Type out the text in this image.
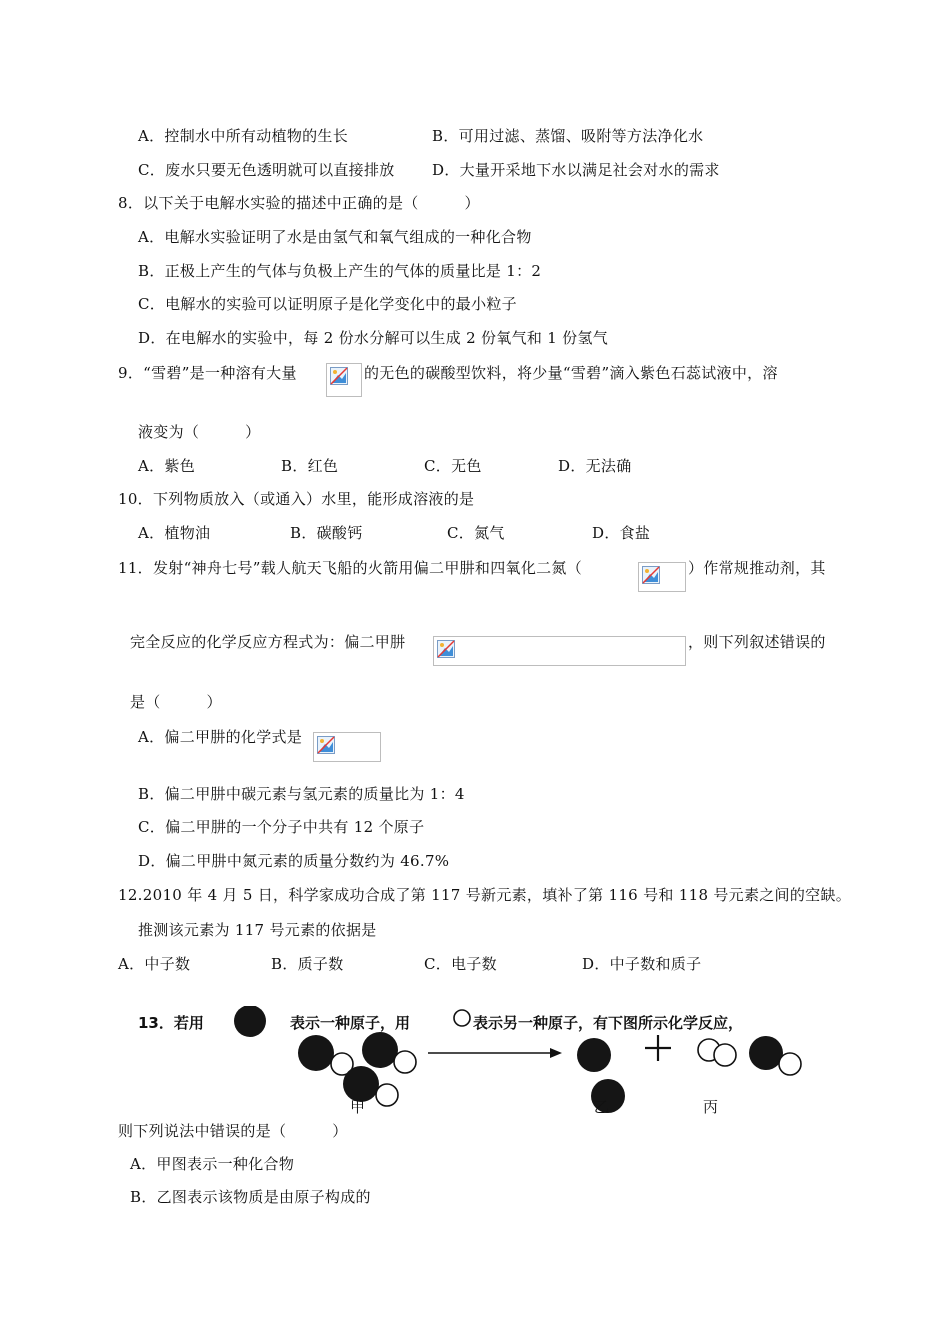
A．控制水中所有动植物的生长	B．可用过滤、蒸馏、吸附等方法净化水
C．废水只要无色透明就可以直接排放 D．大量开采地下水以满足社会对水的需求
8．以下关于电解水实验的描述中正确的是（　　　）
A．电解水实验证明了水是由氢气和氧气组成的一种化合物
B．正极上产生的气体与负极上产生的气体的质量比是 1：2
C．电解水的实验可以证明原子是化学变化中的最小粒子
D．在电解水的实验中，每 2 份水分解可以生成 2 份氧气和 1 份氢气
9．“雪碧”是一种溶有大量	的无色的碳酸型饮料，将少量“雪碧”滴入紫色石蕊试液中，溶
液变为（　　　）
A．紫色	B．红色	C．无色	D．无法确
10．下列物质放入（或通入）水里，能形成溶液的是
A．植物油	B．碳酸钙	C．氮气	D．食盐
11．发射“神舟七号”载人航天飞船的火箭用偏二甲肼和四氧化二氮（	）作常规推动剂，其
完全反应的化学反应方程式为：偏二甲肼	，则下列叙述错误的
是（　　　）
A．偏二甲肼的化学式是
B．偏二甲肼中碳元素与氢元素的质量比为 1：4
C．偏二甲肼的一个分子中共有 12 个原子
D．偏二甲肼中氮元素的质量分数约为 46.7%
12.2010 年 4 月 5 日，科学家成功合成了第 117 号新元素，填补了第 116 号和 118 号元素之间的空缺。
推测该元素为 117 号元素的依据是
A．中子数	B．质子数	C．电子数	D．中子数和质子
13．若用	表示一种原子，用	表示另一种原子，有下图所示化学反应，
甲	乙	丙
则下列说法中错误的是（　　　）
A．甲图表示一种化合物
B．乙图表示该物质是由原子构成的
